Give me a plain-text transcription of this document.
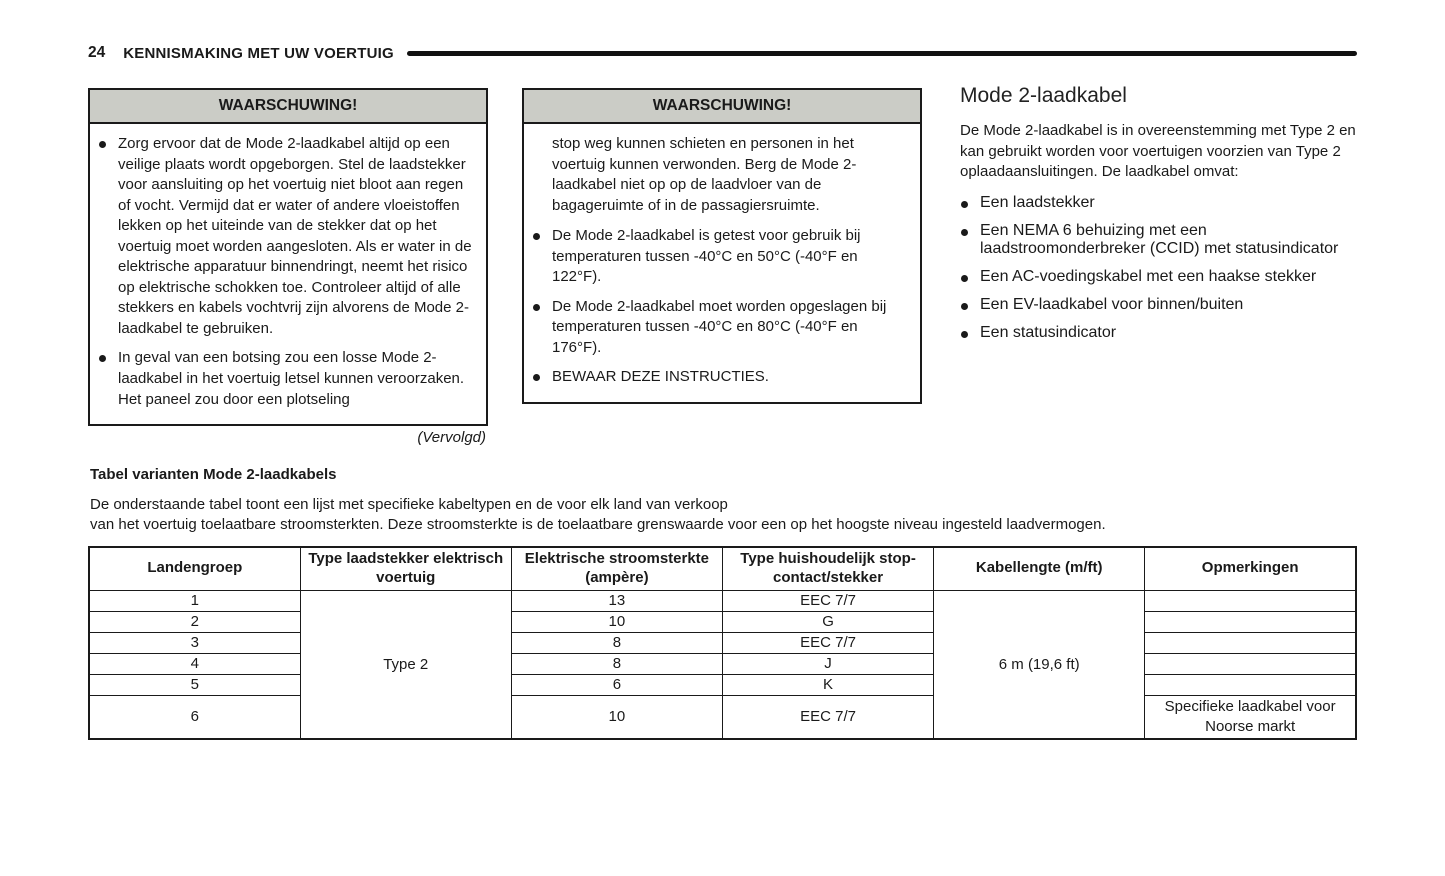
24 KENNISMAKING MET UW VOERTUIG
WAARSCHUWING!
Zorg ervoor dat de Mode 2-laadkabel altijd op een veilige plaats wordt opgeborgen. Stel de laadstekker voor aansluiting op het voertuig niet bloot aan regen of vocht. Vermijd dat er water of andere vloeistoffen lekken op het uiteinde van de stekker dat op het voertuig moet worden aangesloten. Als er water in de elektrische apparatuur binnendringt, neemt het risico op elektrische schokken toe. Controleer altijd of alle stekkers en kabels vochtvrij zijn alvorens de Mode 2-laadkabel te gebruiken.
In geval van een botsing zou een losse Mode 2-laadkabel in het voertuig letsel kunnen veroorzaken. Het paneel zou door een plotseling
(Vervolgd)
WAARSCHUWING!
stop weg kunnen schieten en personen in het voertuig kunnen verwonden. Berg de Mode 2-laadkabel niet op op de laadvloer van de bagageruimte of in de passagiersruimte.
De Mode 2-laadkabel is getest voor gebruik bij temperaturen tussen -40°C en 50°C (-40°F en 122°F).
De Mode 2-laadkabel moet worden opgeslagen bij temperaturen tussen -40°C en 80°C (-40°F en 176°F).
BEWAAR DEZE INSTRUCTIES.
Mode 2-laadkabel
De Mode 2-laadkabel is in overeenstemming met Type 2 en kan gebruikt worden voor voertuigen voorzien van Type 2 oplaadaansluitingen. De laadkabel omvat:
Een laadstekker
Een NEMA 6 behuizing met een laadstroomonderbreker (CCID) met statusindicator
Een AC-voedingskabel met een haakse stekker
Een EV-laadkabel voor binnen/buiten
Een statusindicator
Tabel varianten Mode 2-laadkabels
De onderstaande tabel toont een lijst met specifieke kabeltypen en de voor elk land van verkoop
van het voertuig toelaatbare stroomsterkten. Deze stroomsterkte is de toelaatbare grenswaarde voor een op het hoogste niveau ingesteld laadvermogen.
Landengroep	Type laadstekker elektrisch voertuig	Elektrische stroomsterkte (ampère)	Type huishoudelijk stop-contact/stekker	Kabellengte (m/ft)	Opmerkingen
1	Type 2	13	EEC 7/7	6 m (19,6 ft)	
2		10	G		
3		8	EEC 7/7		
4		8	J		
5		6	K		
6		10	EEC 7/7		Specifieke laadkabel voor Noorse markt
